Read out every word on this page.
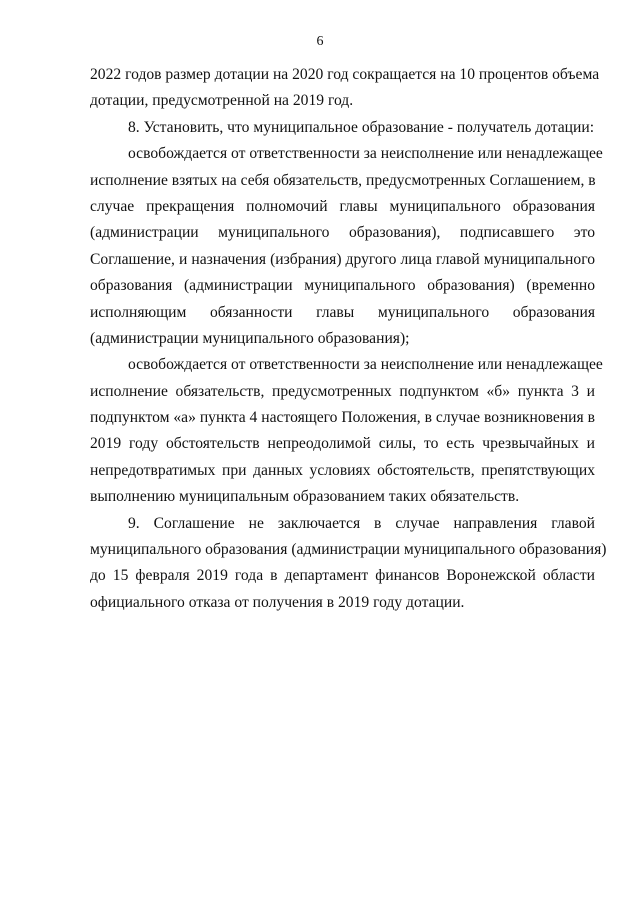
6
2022 годов размер дотации на 2020 год сокращается на 10 процентов объема
дотации, предусмотренной на 2019 год.
8. Установить, что муниципальное образование - получатель дотации:
освобождается от ответственности за неисполнение или ненадлежащее
исполнение взятых на себя обязательств, предусмотренных Соглашением, в
случае прекращения полномочий главы муниципального образования
(администрации муниципального образования), подписавшего это
Соглашение, и назначения (избрания) другого лица главой муниципального
образования (администрации муниципального образования) (временно
исполняющим обязанности главы муниципального образования
(администрации муниципального образования);
освобождается от ответственности за неисполнение или ненадлежащее
исполнение обязательств, предусмотренных подпунктом «б» пункта 3 и
подпунктом «а» пункта 4 настоящего Положения, в случае возникновения в
2019 году обстоятельств непреодолимой силы, то есть чрезвычайных и
непредотвратимых при данных условиях обстоятельств, препятствующих
выполнению муниципальным образованием таких обязательств.
9. Соглашение не заключается в случае направления главой
муниципального образования (администрации муниципального образования)
до 15 февраля 2019 года в департамент финансов Воронежской области
официального отказа от получения в 2019 году дотации.
